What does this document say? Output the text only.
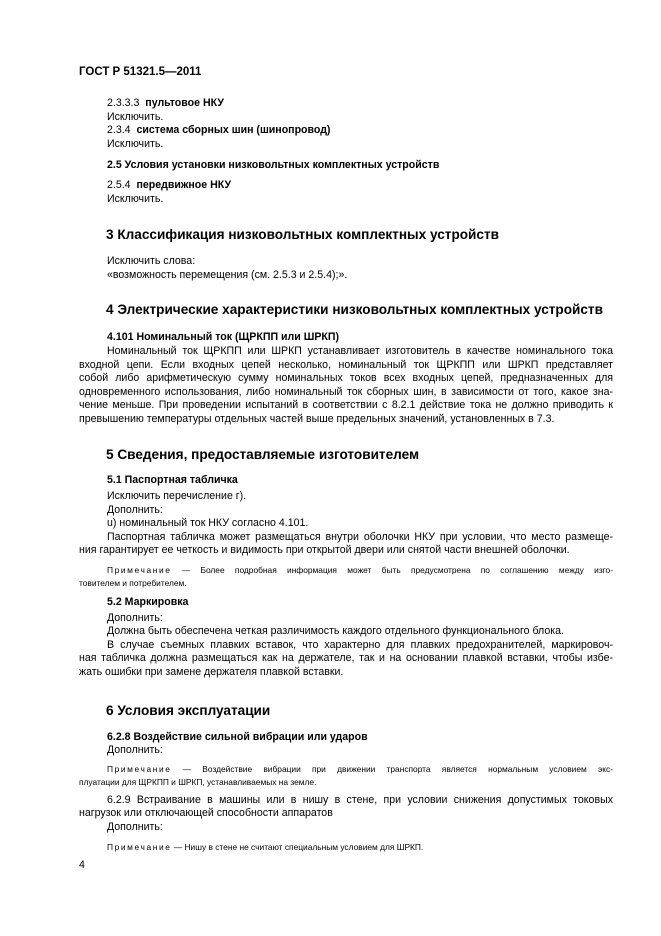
ГОСТ Р 51321.5—2011
2.3.3.3 пультовое НКУ
Исключить.
2.3.4 система сборных шин (шинопровод)
Исключить.
2.5 Условия установки низковольтных комплектных устройств
2.5.4 передвижное НКУ
Исключить.
3 Классификация низковольтных комплектных устройств
Исключить слова:
«возможность перемещения (см. 2.5.3 и 2.5.4);».
4 Электрические характеристики низковольтных комплектных устройств
4.101 Номинальный ток (ЩРКПП или ШРКП)
Номинальный ток ЩРКПП или ШРКП устанавливает изготовитель в качестве номинального тока
входной цепи. Если входных цепей несколько, номинальный ток ЩРКПП или ШРКП представляет
собой либо арифметическую сумму номинальных токов всех входных цепей, предназначенных для
одновременного использования, либо номинальный ток сборных шин, в зависимости от того, какое зна-
чение меньше. При проведении испытаний в соответствии с 8.2.1 действие тока не должно приводить к
превышению температуры отдельных частей выше предельных значений, установленных в 7.3.
5 Сведения, предоставляемые изготовителем
5.1 Паспортная табличка
Исключить перечисление г).
Дополнить:
u) номинальный ток НКУ согласно 4.101.
Паспортная табличка может размещаться внутри оболочки НКУ при условии, что место размеще-
ния гарантирует ее четкость и видимость при открытой двери или снятой части внешней оболочки.
Примечание — Более подробная информация может быть предусмотрена по соглашению между изго-
товителем и потребителем.
5.2 Маркировка
Дополнить:
Должна быть обеспечена четкая различимость каждого отдельного функционального блока.
В случае съемных плавких вставок, что характерно для плавких предохранителей, маркировоч-
ная табличка должна размещаться как на держателе, так и на основании плавкой вставки, чтобы избе-
жать ошибки при замене держателя плавкой вставки.
6 Условия эксплуатации
6.2.8 Воздействие сильной вибрации или ударов
Дополнить:
Примечание — Воздействие вибрации при движении транспорта является нормальным условием экс-
плуатации для ЩРКПП и ШРКП, устанавливаемых на земле.
6.2.9 Встраивание в машины или в нишу в стене, при условии снижения допустимых токовых
нагрузок или отключающей способности аппаратов
Дополнить:
Примечание — Нишу в стене не считают специальным условием для ШРКП.
4
